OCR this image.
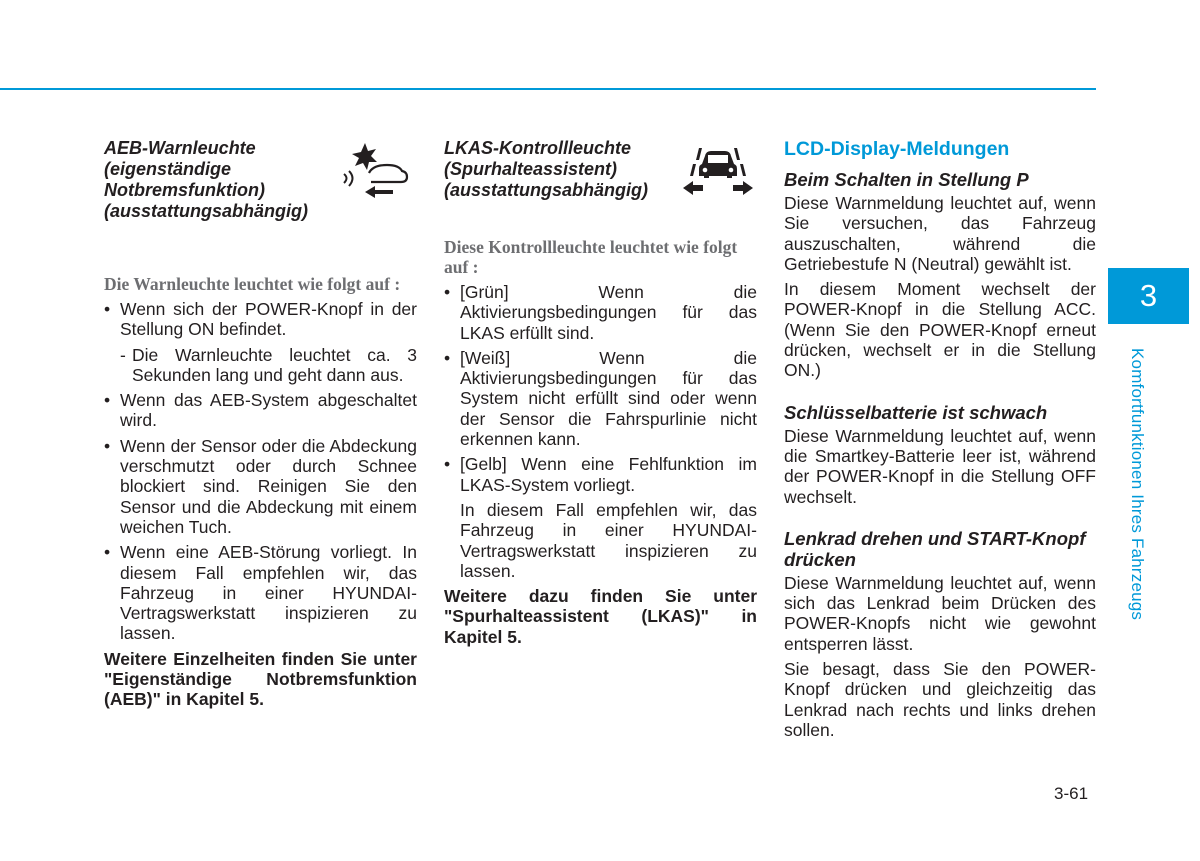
AEB-Warnleuchte (eigenständige Notbremsfunktion) (ausstattungsabhängig)

Die Warnleuchte leuchtet wie folgt auf :

• Wenn sich der POWER-Knopf in der Stellung ON befindet.
- Die Warnleuchte leuchtet ca. 3 Sekunden lang und geht dann aus.
• Wenn das AEB-System abgeschaltet wird.
• Wenn der Sensor oder die Abdeckung verschmutzt oder durch Schnee blockiert sind. Reinigen Sie den Sensor und die Abdeckung mit einem weichen Tuch.
• Wenn eine AEB-Störung vorliegt. In diesem Fall empfehlen wir, das Fahrzeug in einer HYUNDAI-Vertragswerkstatt inspizieren zu lassen.

Weitere Einzelheiten finden Sie unter "Eigenständige Notbremsfunktion (AEB)" in Kapitel 5.

LKAS-Kontrollleuchte (Spurhalteassistent) (ausstattungsabhängig)

Diese Kontrollleuchte leuchtet wie folgt auf :

• [Grün] Wenn die Aktivierungsbedingungen für das LKAS erfüllt sind.
• [Weiß] Wenn die Aktivierungsbedingungen für das System nicht erfüllt sind oder wenn der Sensor die Fahrspurlinie nicht erkennen kann.
• [Gelb] Wenn eine Fehlfunktion im LKAS-System vorliegt.
In diesem Fall empfehlen wir, das Fahrzeug in einer HYUNDAI-Vertragswerkstatt inspizieren zu lassen.

Weitere dazu finden Sie unter "Spurhalteassistent (LKAS)" in Kapitel 5.

LCD-Display-Meldungen

Beim Schalten in Stellung P

Diese Warnmeldung leuchtet auf, wenn Sie versuchen, das Fahrzeug auszuschalten, während die Getriebestufe N (Neutral) gewählt ist.

In diesem Moment wechselt der POWER-Knopf in die Stellung ACC. (Wenn Sie den POWER-Knopf erneut drücken, wechselt er in die Stellung ON.)

Schlüsselbatterie ist schwach

Diese Warnmeldung leuchtet auf, wenn die Smartkey-Batterie leer ist, während der POWER-Knopf in die Stellung OFF wechselt.

Lenkrad drehen und START-Knopf drücken

Diese Warnmeldung leuchtet auf, wenn sich das Lenkrad beim Drücken des POWER-Knopfs nicht wie gewohnt entsperren lässt.

Sie besagt, dass Sie den POWER-Knopf drücken und gleichzeitig das Lenkrad nach rechts und links drehen sollen.

3
Komfortfunktionen Ihres Fahrzeugs
3-61
